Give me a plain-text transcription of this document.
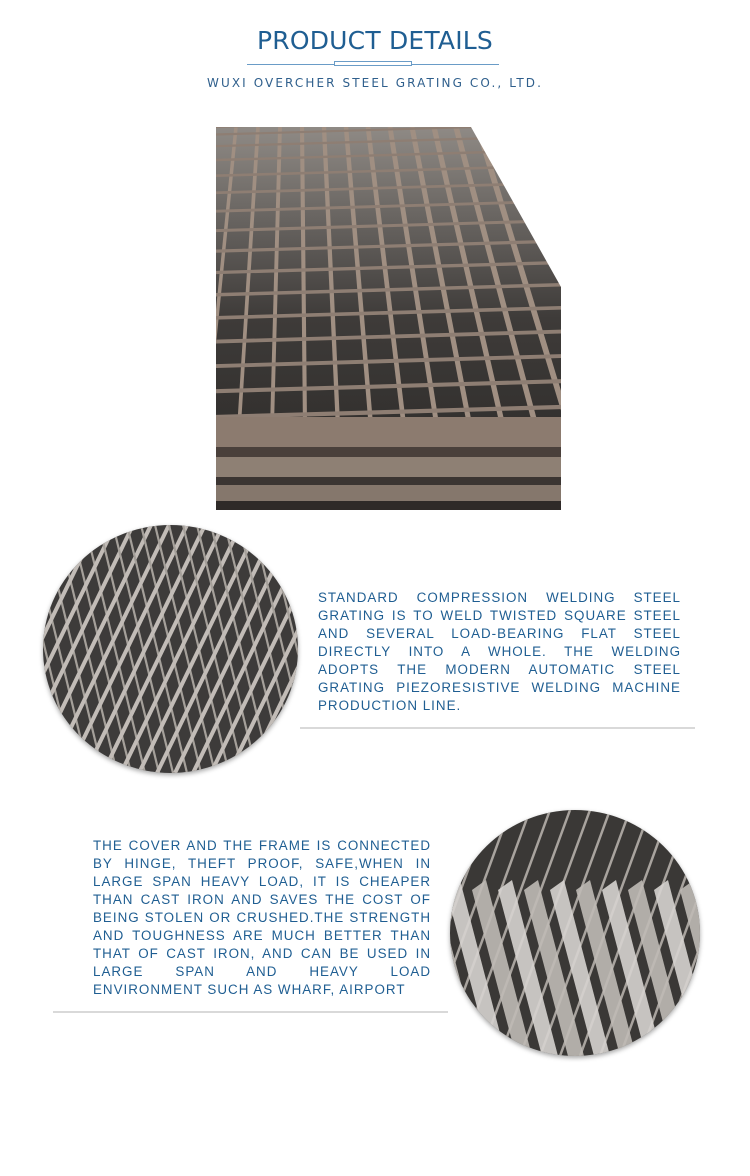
PRODUCT DETAILS
WUXI OVERCHER STEEL GRATING CO., LTD.
STANDARD COMPRESSION WELDING STEEL GRATING IS TO WELD TWISTED SQUARE STEEL AND SEVERAL LOAD-BEARING FLAT STEEL DIRECTLY INTO A WHOLE. THE WELDING ADOPTS THE MODERN AUTOMATIC STEEL GRATING PIEZORESISTIVE WELDING MACHINE PRODUCTION LINE.
THE COVER AND THE FRAME IS CONNECTED BY HINGE, THEFT PROOF, SAFE,WHEN IN LARGE SPAN HEAVY LOAD, IT IS CHEAPER THAN CAST IRON AND SAVES THE COST OF BEING STOLEN OR CRUSHED.THE STRENGTH AND TOUGHNESS ARE MUCH BETTER THAN THAT OF CAST IRON, AND CAN BE USED IN LARGE SPAN AND HEAVY LOAD ENVIRONMENT SUCH AS WHARF, AIRPORT
